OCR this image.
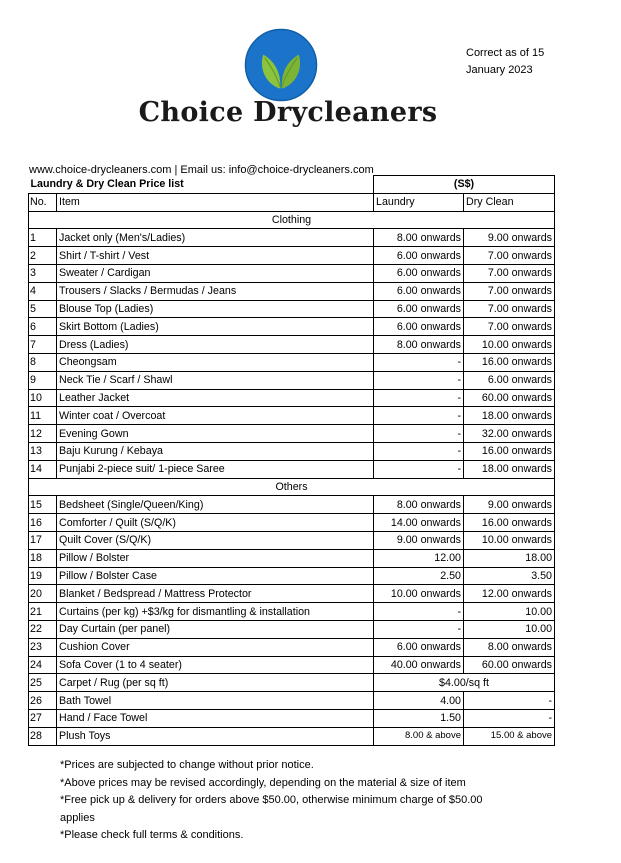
Choice Drycleaners
Correct as of 15
January 2023
www.choice-drycleaners.com | Email us: info@choice-drycleaners.com
Laundry & Dry Clean Price list		(S$)	
No.	Item	Laundry	Dry Clean
Clothing			
1	Jacket only (Men's/Ladies)	8.00 onwards	9.00 onwards
2	Shirt / T-shirt / Vest	6.00 onwards	7.00 onwards
3	Sweater / Cardigan	6.00 onwards	7.00 onwards
4	Trousers / Slacks / Bermudas / Jeans	6.00 onwards	7.00 onwards
5	Blouse Top (Ladies)	6.00 onwards	7.00 onwards
6	Skirt Bottom (Ladies)	6.00 onwards	7.00 onwards
7	Dress (Ladies)	8.00 onwards	10.00 onwards
8	Cheongsam	-	16.00 onwards
9	Neck Tie / Scarf / Shawl	-	6.00 onwards
10	Leather Jacket	-	60.00 onwards
11	Winter coat / Overcoat	-	18.00 onwards
12	Evening Gown	-	32.00 onwards
13	Baju Kurung / Kebaya	-	16.00 onwards
14	Punjabi 2-piece suit/ 1-piece Saree	-	18.00 onwards
Others			
15	Bedsheet (Single/Queen/King)	8.00 onwards	9.00 onwards
16	Comforter / Quilt (S/Q/K)	14.00 onwards	16.00 onwards
17	Quilt Cover (S/Q/K)	9.00 onwards	10.00 onwards
18	Pillow / Bolster	12.00	18.00
19	Pillow / Bolster Case	2.50	3.50
20	Blanket / Bedspread / Mattress Protector	10.00 onwards	12.00 onwards
21	Curtains (per kg) +$3/kg for dismantling & installation	-	10.00
22	Day Curtain (per panel)	-	10.00
23	Cushion Cover	6.00 onwards	8.00 onwards
24	Sofa Cover (1 to 4 seater)	40.00 onwards	60.00 onwards
25	Carpet / Rug (per sq ft)	$4.00/sq ft	
26	Bath Towel	4.00	-
27	Hand / Face Towel	1.50	-
28	Plush Toys	8.00 & above	15.00 & above
*Prices are subjected to change without prior notice.
*Above prices may be revised accordingly, depending on the material & size of item
*Free pick up & delivery for orders above $50.00, otherwise minimum charge of $50.00
applies
*Please check full terms & conditions.
